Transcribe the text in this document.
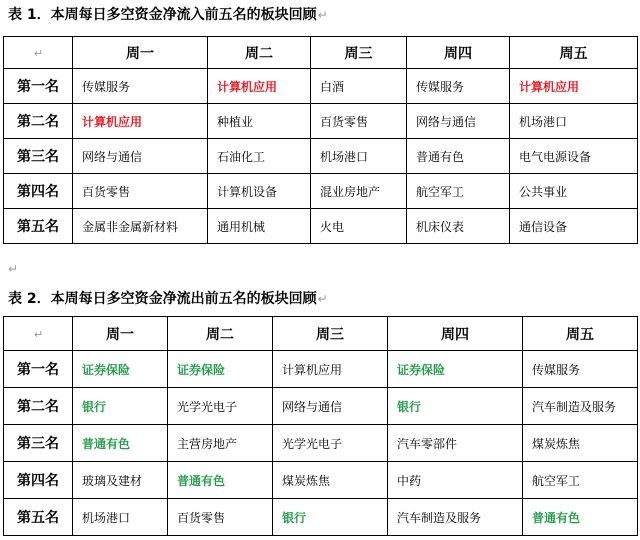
表 1．本周每日多空资金净流入前五名的板块回顾↵
↵	周一	周二	周三	周四	周五
第一名	传媒服务	计算机应用	白酒	传媒服务	计算机应用
第二名	计算机应用	种植业	百货零售	网络与通信	机场港口
第三名	网络与通信	石油化工	机场港口	普通有色	电气电源设备
第四名	百货零售	计算机设备	混业房地产	航空军工	公共事业
第五名	金属非金属新材料	通用机械	火电	机床仪表	通信设备
↵
表 2．本周每日多空资金净流出前五名的板块回顾↵
↵	周一	周二	周三	周四	周五
第一名	证券保险	证券保险	计算机应用	证券保险	传媒服务
第二名	银行	光学光电子	网络与通信	银行	汽车制造及服务
第三名	普通有色	主营房地产	光学光电子	汽车零部件	煤炭炼焦
第四名	玻璃及建材	普通有色	煤炭炼焦	中药	航空军工
第五名	机场港口	百货零售	银行	汽车制造及服务	普通有色
